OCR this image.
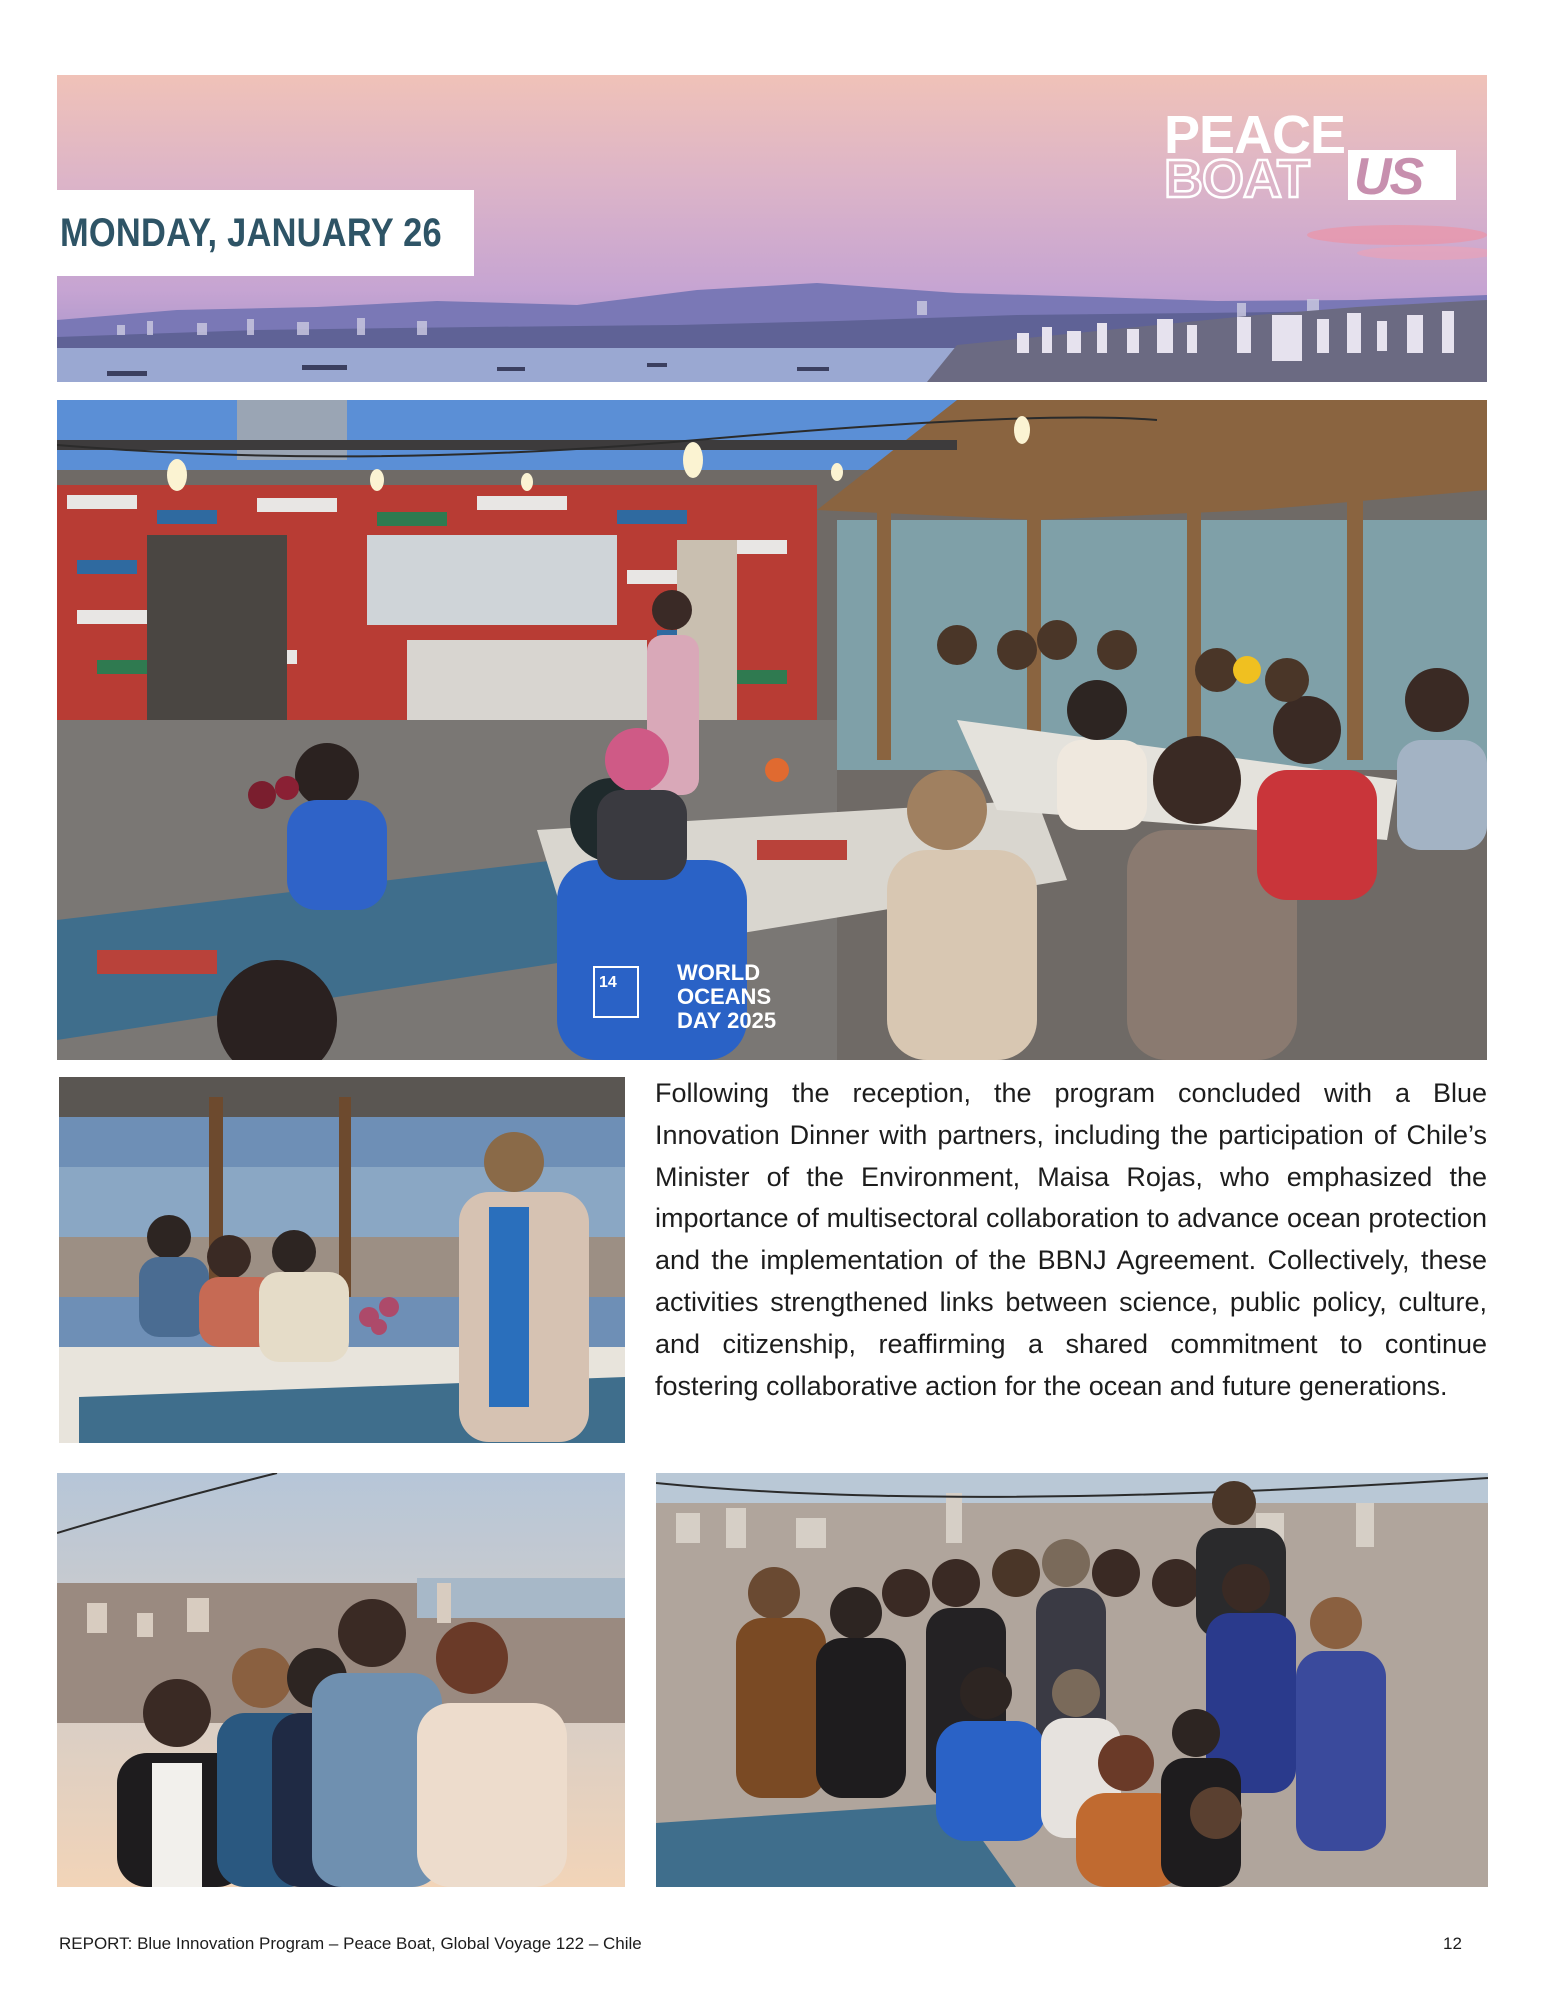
MONDAY, JANUARY 26
PEACE
BOAT US
WORLD
OCEANS
DAY 2025
14

Following the reception, the program concluded with a Blue Innovation Dinner with partners, including the participation of Chile’s Minister of the Environment, Maisa Rojas, who emphasized the importance of multisectoral collaboration to advance ocean protection and the implementation of the BBNJ Agreement. Collectively, these activities strengthened links between science, public policy, culture, and citizenship, reaffirming a shared commitment to continue fostering collaborative action for the ocean and future generations.

REPORT: Blue Innovation Program – Peace Boat, Global Voyage 122 – Chile	12
